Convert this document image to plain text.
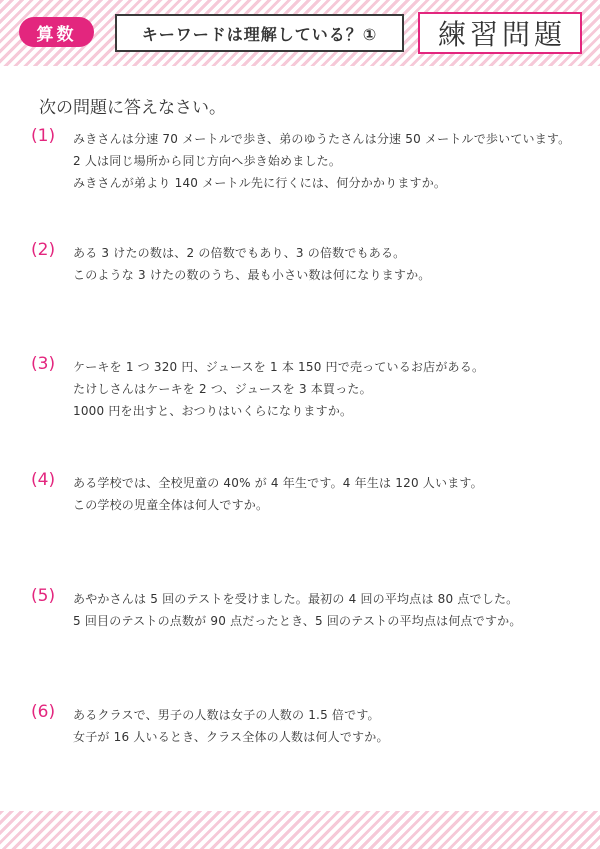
算数	キーワードは理解している？①	練習問題
次の問題に答えなさい。
(1) みきさんは分速 70 メートルで歩き、弟のゆうたさんは分速 50 メートルで歩いています。
2 人は同じ場所から同じ方向へ歩き始めました。
みきさんが弟より 140 メートル先に行くには、何分かかりますか。
(2) ある 3 けたの数は、2 の倍数でもあり、3 の倍数でもある。
このような 3 けたの数のうち、最も小さい数は何になりますか。
(3) ケーキを 1 つ 320 円、ジュースを 1 本 150 円で売っているお店がある。
たけしさんはケーキを 2 つ、ジュースを 3 本買った。
1000 円を出すと、おつりはいくらになりますか。
(4) ある学校では、全校児童の 40% が 4 年生です。4 年生は 120 人います。
この学校の児童全体は何人ですか。
(5) あやかさんは 5 回のテストを受けました。最初の 4 回の平均点は 80 点でした。
5 回目のテストの点数が 90 点だったとき、5 回のテストの平均点は何点ですか。
(6) あるクラスで、男子の人数は女子の人数の 1.5 倍です。
女子が 16 人いるとき、クラス全体の人数は何人ですか。
